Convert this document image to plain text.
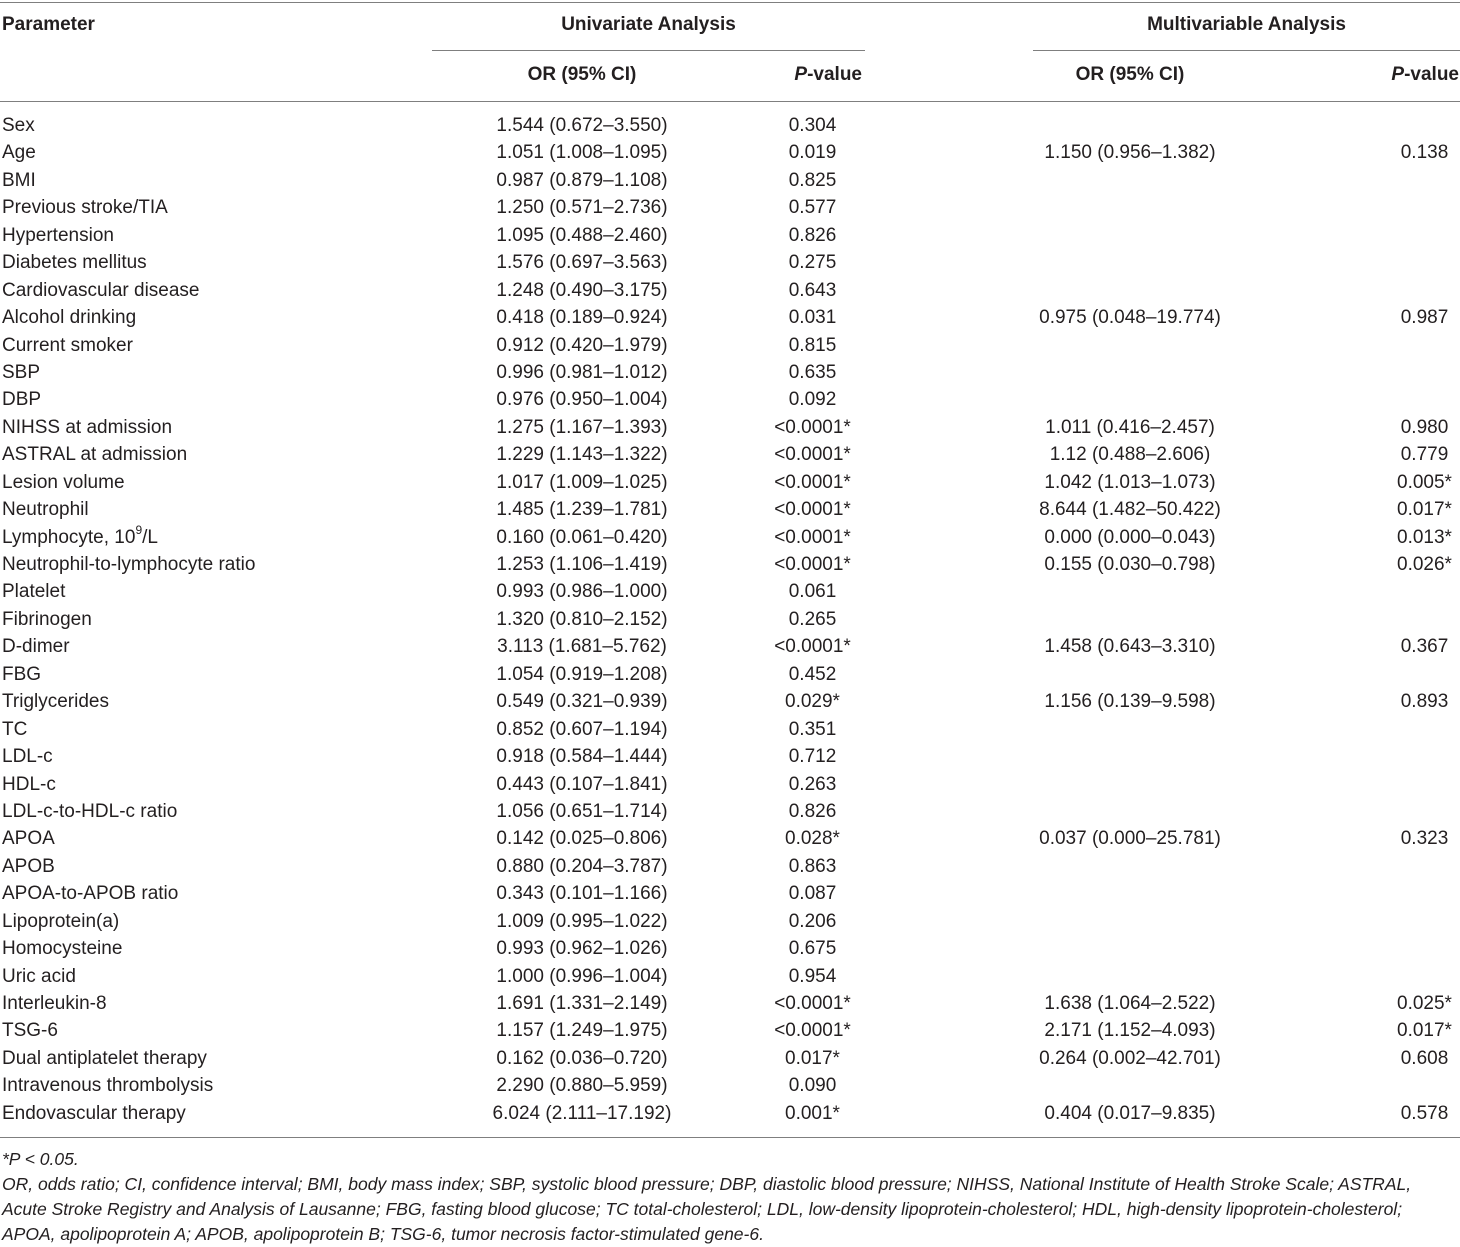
Parameter	Univariate Analysis	Multivariable Analysis
OR (95% CI)	P-value	OR (95% CI)	P-value
Sex	1.544 (0.672–3.550)	0.304
Age	1.051 (1.008–1.095)	0.019	1.150 (0.956–1.382)	0.138
BMI	0.987 (0.879–1.108)	0.825
Previous stroke/TIA	1.250 (0.571–2.736)	0.577
Hypertension	1.095 (0.488–2.460)	0.826
Diabetes mellitus	1.576 (0.697–3.563)	0.275
Cardiovascular disease	1.248 (0.490–3.175)	0.643
Alcohol drinking	0.418 (0.189–0.924)	0.031	0.975 (0.048–19.774)	0.987
Current smoker	0.912 (0.420–1.979)	0.815
SBP	0.996 (0.981–1.012)	0.635
DBP	0.976 (0.950–1.004)	0.092
NIHSS at admission	1.275 (1.167–1.393)	<0.0001*	1.011 (0.416–2.457)	0.980
ASTRAL at admission	1.229 (1.143–1.322)	<0.0001*	1.12 (0.488–2.606)	0.779
Lesion volume	1.017 (1.009–1.025)	<0.0001*	1.042 (1.013–1.073)	0.005*
Neutrophil	1.485 (1.239–1.781)	<0.0001*	8.644 (1.482–50.422)	0.017*
Lymphocyte, $10^9/L$	0.160 (0.061–0.420)	<0.0001*	0.000 (0.000–0.043)	0.013*
Neutrophil-to-lymphocyte ratio	1.253 (1.106–1.419)	<0.0001*	0.155 (0.030–0.798)	0.026*
Platelet	0.993 (0.986–1.000)	0.061
Fibrinogen	1.320 (0.810–2.152)	0.265
D-dimer	3.113 (1.681–5.762)	<0.0001*	1.458 (0.643–3.310)	0.367
FBG	1.054 (0.919–1.208)	0.452
Triglycerides	0.549 (0.321–0.939)	0.029*	1.156 (0.139–9.598)	0.893
TC	0.852 (0.607–1.194)	0.351
LDL-c	0.918 (0.584–1.444)	0.712
HDL-c	0.443 (0.107–1.841)	0.263
LDL-c-to-HDL-c ratio	1.056 (0.651–1.714)	0.826
APOA	0.142 (0.025–0.806)	0.028*	0.037 (0.000–25.781)	0.323
APOB	0.880 (0.204–3.787)	0.863
APOA-to-APOB ratio	0.343 (0.101–1.166)	0.087
Lipoprotein(a)	1.009 (0.995–1.022)	0.206
Homocysteine	0.993 (0.962–1.026)	0.675
Uric acid	1.000 (0.996–1.004)	0.954
Interleukin-8	1.691 (1.331–2.149)	<0.0001*	1.638 (1.064–2.522)	0.025*
TSG-6	1.157 (1.249–1.975)	<0.0001*	2.171 (1.152–4.093)	0.017*
Dual antiplatelet therapy	0.162 (0.036–0.720)	0.017*	0.264 (0.002–42.701)	0.608
Intravenous thrombolysis	2.290 (0.880–5.959)	0.090
Endovascular therapy	6.024 (2.111–17.192)	0.001*	0.404 (0.017–9.835)	0.578
*P < 0.05.
OR, odds ratio; CI, confidence interval; BMI, body mass index; SBP, systolic blood pressure; DBP, diastolic blood pressure; NIHSS, National Institute of Health Stroke Scale; ASTRAL, Acute Stroke Registry and Analysis of Lausanne; FBG, fasting blood glucose; TC total-cholesterol; LDL, low-density lipoprotein-cholesterol; HDL, high-density lipoprotein-cholesterol; APOA, apolipoprotein A; APOB, apolipoprotein B; TSG-6, tumor necrosis factor-stimulated gene-6.
